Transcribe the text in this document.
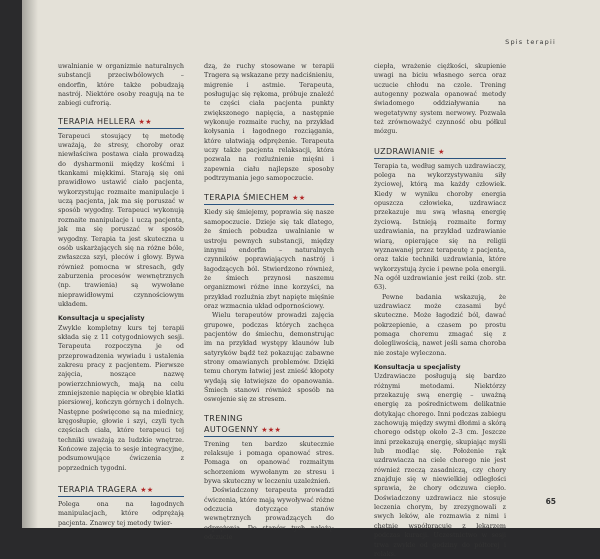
Spis terapii

uwalnianie w organizmie naturalnych substancji przeciwbólowych – endorfin, które także pobudzają nastrój. Niektóre osoby reagują na te zabiegi cufrorią.

TERAPIA HELLERA ★★

Terapeuci stosujący tę metodę uważają, że stresy, choroby oraz niewłaściwa postawa ciała prowadzą do dysharmonii między kośćmi i tkankami miękkimi. Starają się oni prawidłowo ustawić ciało pacjenta, wykorzystując rozmaite manipulacje i uczą pacjenta, jak ma się poruszać w sposób wygodny. Terapeuci wykonują rozmaite manipulacje i uczą pacjenta, jak ma się poruszać w sposób wygodny. Terapia ta jest skuteczna u osób uskarżających się na różne bóle, zwłaszcza szyi, pleców i głowy. Bywa również pomocna w stresach, gdy zaburzenia procesów wewnętrznych (np. trawienia) są wywołane nieprawidłowymi czynnościowym układem.

Konsultacja u specjalisty

Zwykle kompletny kurs tej terapii składa się z 11 cotygodniowych sesji. Terapeuta rozpoczyna je od przeprowadzenia wywiadu i ustalenia zakresu pracy z pacjentem. Pierwsze zajęcia, noszące nazwę powierzchniowych, mają na celu zmniejszenie napięcia w obrębie klatki piersiowej, kończyn górnych i dolnych. Następne poświęcone są na miednicy, kręgosłupie, głowie i szyi, czyli tych częściach ciała, które terapeuci tej techniki uważają za ludzkie wnętrze. Końcowe zajęcia to sesje integracyjne, podsumowujące ćwiczenia z poprzednich tygodni.

TERAPIA TRAGERA ★★

Polega ona na łagodnych manipulacjach, które odprężają pacjenta. Znawcy tej metody twier-

dzą, że ruchy stosowane w terapii Tragera są wskazane przy nadciśnieniu, migrenie i astmie. Terapeuta, posługując się rękoma, próbuje znaleźć te części ciała pacjenta punkty zwiększonego napięcia, a następnie wykonuje rozmaite ruchy, na przykład kołysania i łagodnego rozciągania, które ułatwiają odprężenie. Terapeuta uczy także pacjenta relaksacji, która pozwala na rozluźnienie mięśni i zapewnia ciału najlepsze sposoby podtrzymania jego samopoczucie.

TERAPIA ŚMIECHEM ★★

Kiedy się śmiejemy, poprawia się nasze samopoczucie. Dzieje się tak dlatego, że śmiech pobudza uwalnianie w ustroju pewnych substancji, między innymi endorfin – naturalnych czynników poprawiających nastrój i łagodzących ból. Stwierdzono również, że śmiech przynosi naszemu organizmowi różne inne korzyści, na przykład rozluźnia zbyt napięte mięśnie oraz wzmacnia układ odpornościowy.

Wielu terapeutów prowadzi zajęcia grupowe, podczas których zachęca pacjentów do śmiechu, demonstrując im na przykład występy klaunów lub satyryków bądź też pokazując zabawne strony omawianych problemów. Dzięki temu chorym łatwiej jest znieść kłopoty wydają się łatwiejsze do opanowania. Śmiech stanowi również sposób na oswojenie się ze stresem.

TRENING
AUTOGENNY ★★★

Trening ten bardzo skutecznie relaksuje i pomaga opanować stres. Pomaga on opanować rozmaitym schorzeniom wywołanym ze stresu i bywa skuteczny w leczeniu uzależnień.

Doświadczony terapeuta prowadzi ćwiczenia, które mają wywoływać różne odczucia dotyczące stanów wewnętrznych prowadzących do odprężenia. Do stanów tych należą: odczucie

ciepła, wrażenie ciężkości, skupienie uwagi na biciu własnego serca oraz uczucie chłodu na czole. Trening autogenny pozwala opanować metody świadomego oddziaływania na wegetatywny system nerwowy. Pozwala też zrównoważyć czynność obu półkul mózgu.

UZDRAWIANIE ★

Terapia ta, według samych uzdrawiaczy, polega na wykorzystywaniu siły życiowej, którą ma każdy człowiek. Kiedy w wyniku choroby energia opuszcza człowieka, uzdrawiacz przekazuje mu swą własną energię życiową. Istnieją rozmaite formy uzdrawiania, na przykład uzdrawianie wiarą, opierające się na religii wyznawanej przez terapeutę z pacjenta, oraz takie techniki uzdrawiania, które wykorzystują życie i pewne pola energii. Na ogół uzdrawianie jest reiki (zob. str. 63).

Pewne badania wskazują, że uzdrawiacz może czasami być skuteczne. Może łagodzić ból, dawać pokrzepienie, a czasem po prostu pomaga choremu zmagać się z dolegliwością, nawet jeśli sama choroba nie zostaje wyleczona.

Konsultacja u specjalisty

Uzdrawiacze posługują się bardzo różnymi metodami. Niektórzy przekazuję swą energię – uważną energię za pośrednictwem delikatnie dotykając chorego. Inni podczas zabiegu zachowują między swymi dłońmi a skórą chorego odstęp około 2–3 cm. Jeszcze inni przekazują energię, skupiając myśli lub modląc się. Położenie rąk uzdrawiacza na ciele chorego nie jest również rzeczą zasadniczą, czy chory znajduje się w niewielkiej odległości sprawia, że chory odczuwa ciepło. Doświadczony uzdrawiacz nie stosuje leczenia chorym, by zrezygnowali z swych leków, ale rozmawia z nimi i chętnie współpracuje z lekarzem podczas kuracji. Uczestnictwo w sesji trwa zwykle od godziny do półtorej i relaks.

65
